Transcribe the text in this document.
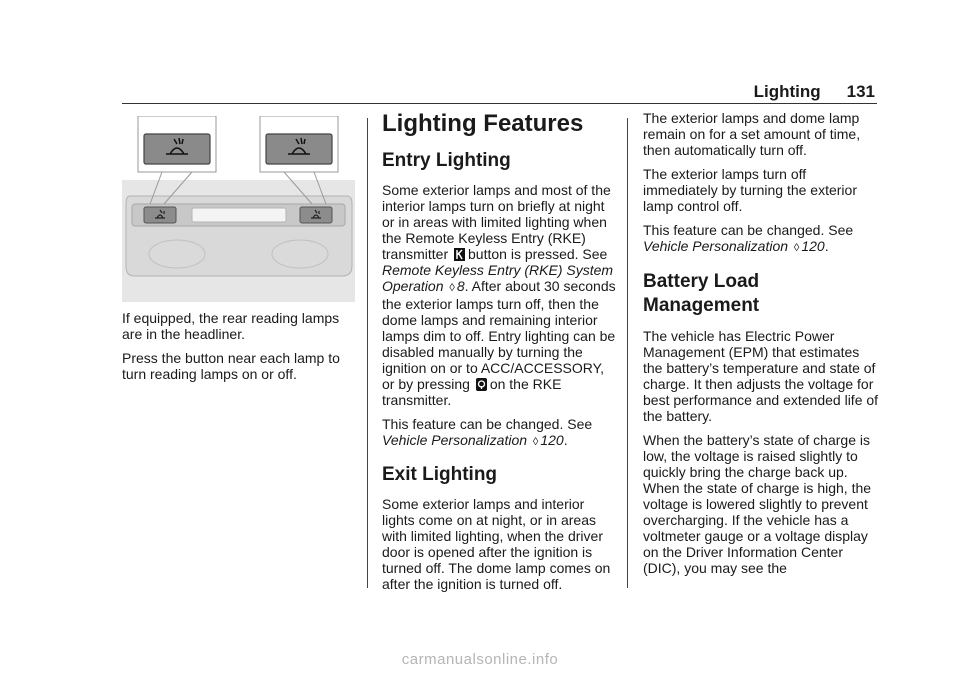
Lighting 131

If equipped, the rear reading lamps are in the headliner.

Press the button near each lamp to turn reading lamps on or off.

Lighting Features
Entry Lighting

Some exterior lamps and most of the interior lamps turn on briefly at night or in areas with limited lighting when the Remote Keyless Entry (RKE) transmitter button is pressed. See Remote Keyless Entry (RKE) System Operation ◊ 8. After about 30 seconds the exterior lamps turn off, then the dome lamps and remaining interior lamps dim to off. Entry lighting can be disabled manually by turning the ignition on or to ACC/ACCESSORY, or by pressing on the RKE transmitter.

This feature can be changed. See Vehicle Personalization ◊ 120.

Exit Lighting

Some exterior lamps and interior lights come on at night, or in areas with limited lighting, when the driver door is opened after the ignition is turned off. The dome lamp comes on after the ignition is turned off.

The exterior lamps and dome lamp remain on for a set amount of time, then automatically turn off.

The exterior lamps turn off immediately by turning the exterior lamp control off.

This feature can be changed. See Vehicle Personalization ◊ 120.

Battery Load Management

The vehicle has Electric Power Management (EPM) that estimates the battery’s temperature and state of charge. It then adjusts the voltage for best performance and extended life of the battery.

When the battery’s state of charge is low, the voltage is raised slightly to quickly bring the charge back up. When the state of charge is high, the voltage is lowered slightly to prevent overcharging. If the vehicle has a voltmeter gauge or a voltage display on the Driver Information Center (DIC), you may see the

carmanualsonline.info
